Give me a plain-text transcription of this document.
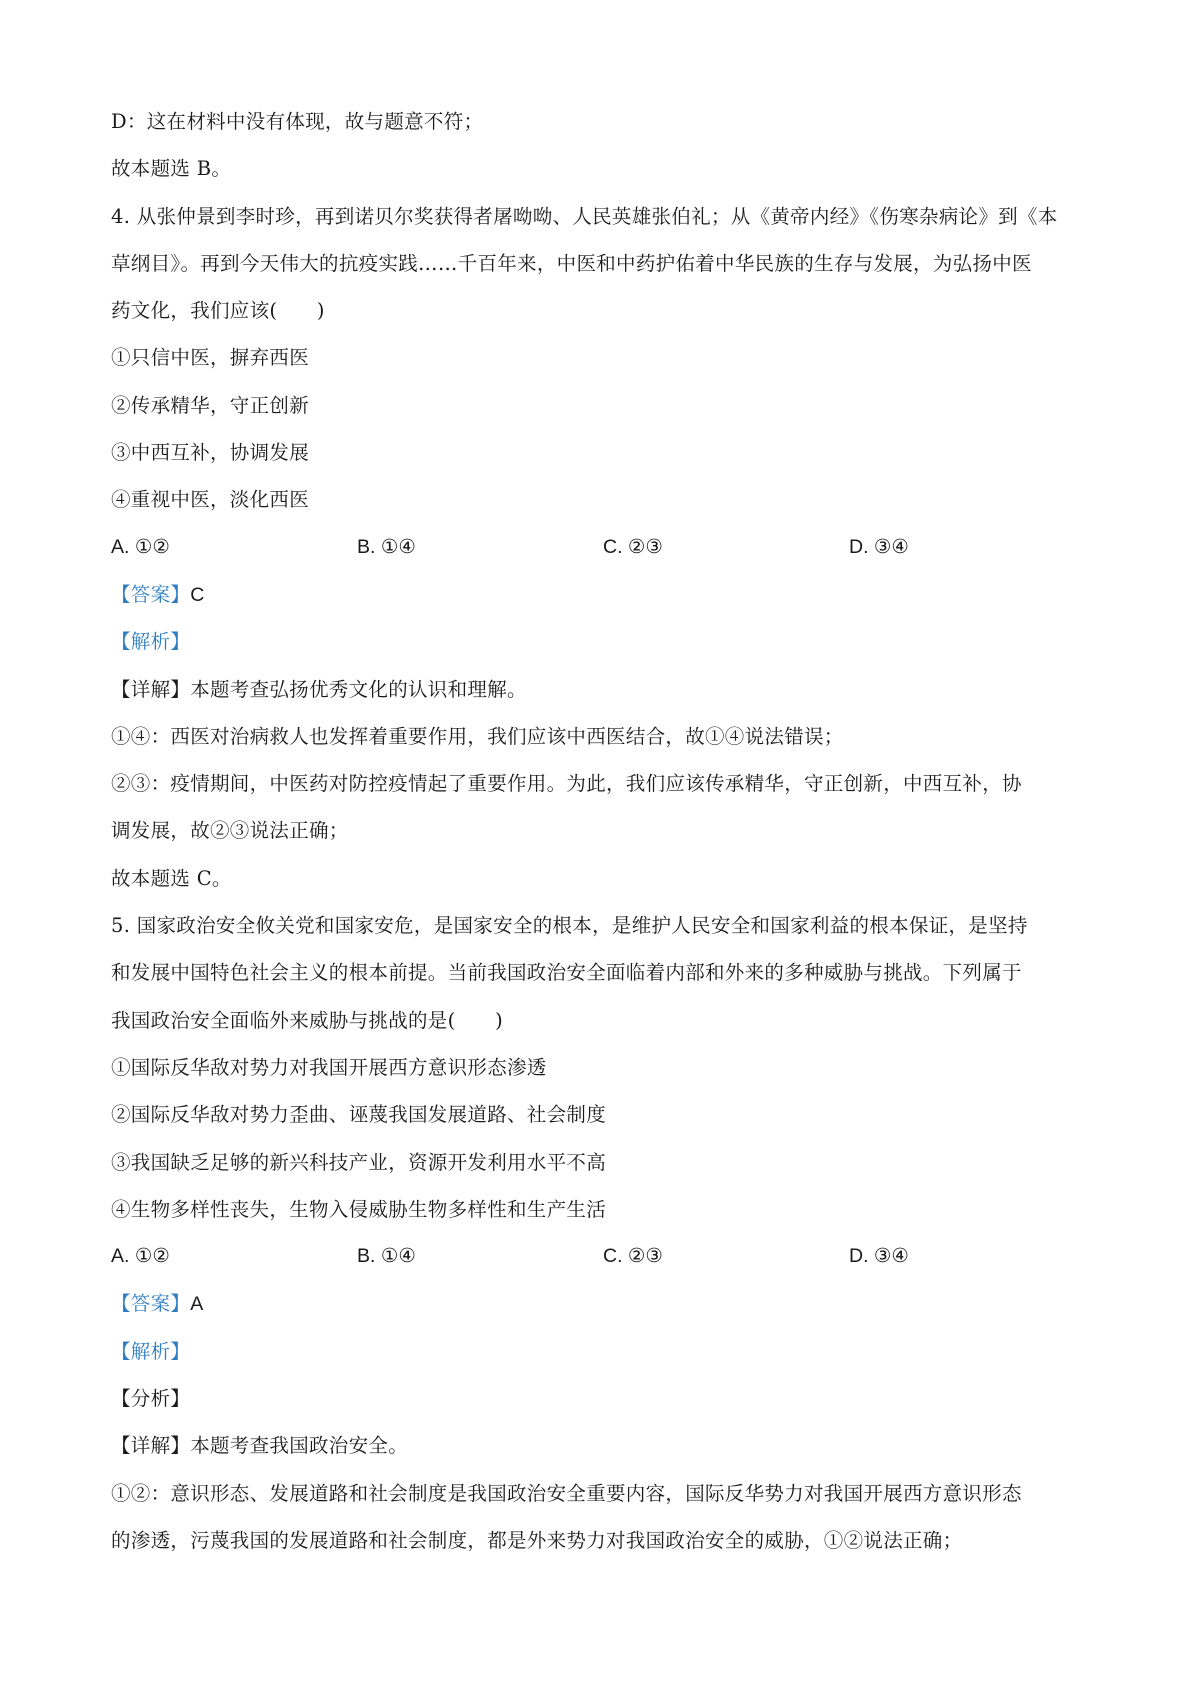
D：这在材料中没有体现，故与题意不符；
故本题选 B。
4. 从张仲景到李时珍，再到诺贝尔奖获得者屠呦呦、人民英雄张伯礼；从《黄帝内经》《伤寒杂病论》到《本
草纲目》。再到今天伟大的抗疫实践……千百年来，中医和中药护佑着中华民族的生存与发展，为弘扬中医
药文化，我们应该(　　)
①只信中医，摒弃西医
②传承精华，守正创新
③中西互补，协调发展
④重视中医，淡化西医
A. ①②	B. ①④	C. ②③	D. ③④
【答案】C
【解析】
【详解】本题考查弘扬优秀文化的认识和理解。
①④：西医对治病救人也发挥着重要作用，我们应该中西医结合，故①④说法错误；
②③：疫情期间，中医药对防控疫情起了重要作用。为此，我们应该传承精华，守正创新，中西互补，协
调发展，故②③说法正确；
故本题选 C。
5. 国家政治安全攸关党和国家安危，是国家安全的根本，是维护人民安全和国家利益的根本保证，是坚持
和发展中国特色社会主义的根本前提。当前我国政治安全面临着内部和外来的多种威胁与挑战。下列属于
我国政治安全面临外来威胁与挑战的是(　　)
①国际反华敌对势力对我国开展西方意识形态渗透
②国际反华敌对势力歪曲、诬蔑我国发展道路、社会制度
③我国缺乏足够的新兴科技产业，资源开发利用水平不高
④生物多样性丧失，生物入侵威胁生物多样性和生产生活
A. ①②	B. ①④	C. ②③	D. ③④
【答案】A
【解析】
【分析】
【详解】本题考查我国政治安全。
①②：意识形态、发展道路和社会制度是我国政治安全重要内容，国际反华势力对我国开展西方意识形态
的渗透，污蔑我国的发展道路和社会制度，都是外来势力对我国政治安全的威胁，①②说法正确；
